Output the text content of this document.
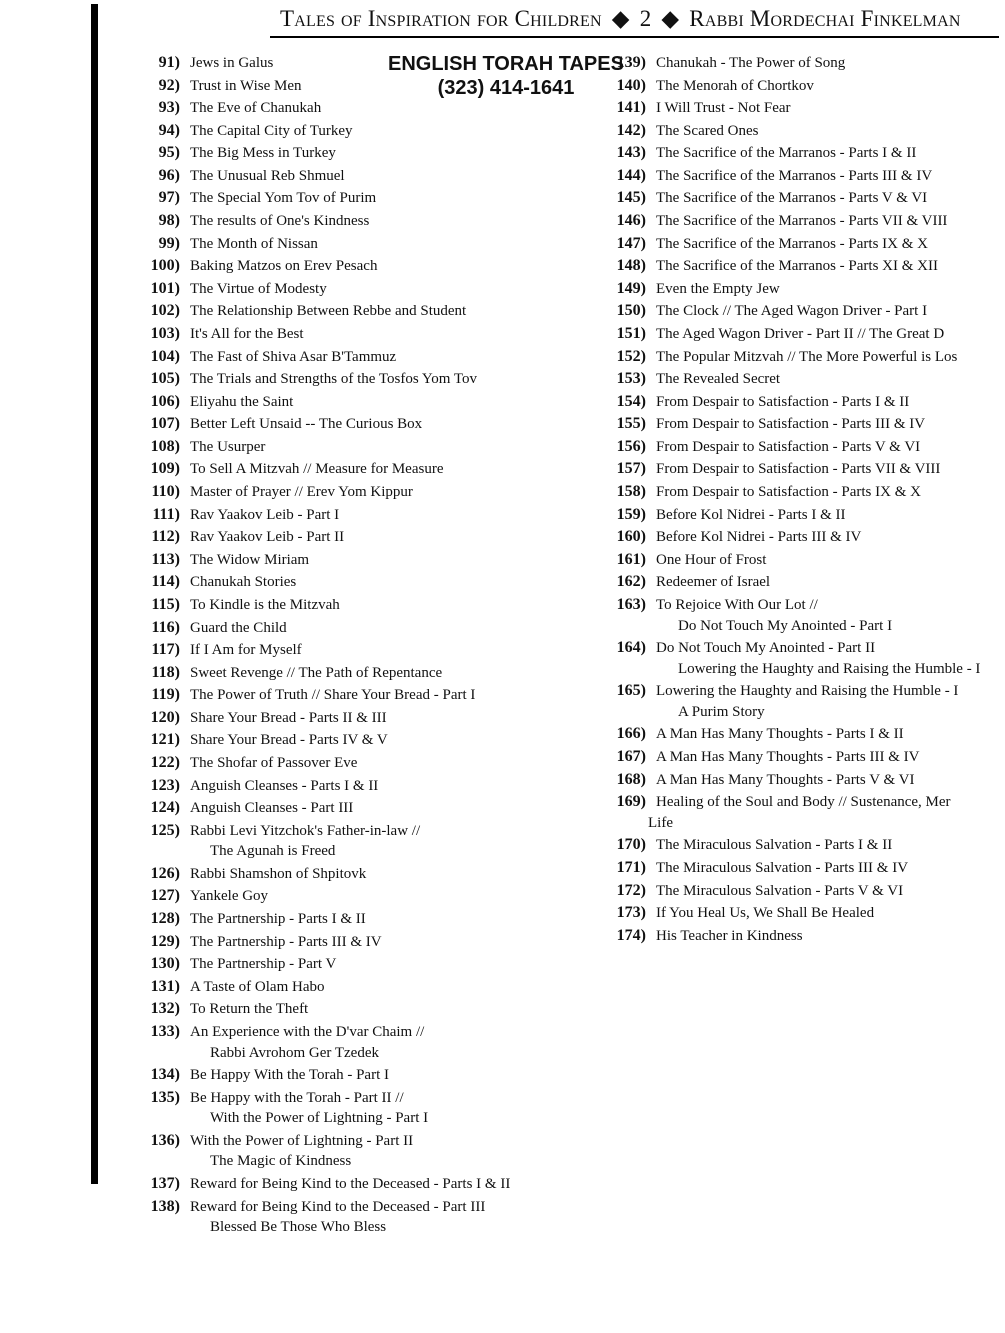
Tales of Inspiration for Children ◆ 2 ◆ Rabbi Mordechai Finkelman
ENGLISH TORAH TAPES
(323) 414-1641
91) Jews in Galus
92) Trust in Wise Men
93) The Eve of Chanukah
94) The Capital City of Turkey
95) The Big Mess in Turkey
96) The Unusual Reb Shmuel
97) The Special Yom Tov of Purim
98) The results of One's Kindness
99) The Month of Nissan
100) Baking Matzos on Erev Pesach
101) The Virtue of Modesty
102) The Relationship Between Rebbe and Student
103) It's All for the Best
104) The Fast of Shiva Asar B'Tammuz
105) The Trials and Strengths of the Tosfos Yom Tov
106) Eliyahu the Saint
107) Better Left Unsaid -- The Curious Box
108) The Usurper
109) To Sell A Mitzvah // Measure for Measure
110) Master of Prayer // Erev Yom Kippur
111) Rav Yaakov Leib - Part I
112) Rav Yaakov Leib - Part II
113) The Widow Miriam
114) Chanukah Stories
115) To Kindle is the Mitzvah
116) Guard the Child
117) If I Am for Myself
118) Sweet Revenge // The Path of Repentance
119) The Power of Truth // Share Your Bread - Part I
120) Share Your Bread - Parts II & III
121) Share Your Bread - Parts IV & V
122) The Shofar of Passover Eve
123) Anguish Cleanses - Parts I & II
124) Anguish Cleanses - Part III
125) Rabbi Levi Yitzchok's Father-in-law //
The Agunah is Freed
126) Rabbi Shamshon of Shpitovk
127) Yankele Goy
128) The Partnership - Parts I & II
129) The Partnership - Parts III & IV
130) The Partnership - Part V
131) A Taste of Olam Habo
132) To Return the Theft
133) An Experience with the D'var Chaim //
Rabbi Avrohom Ger Tzedek
134) Be Happy With the Torah - Part I
135) Be Happy with the Torah - Part II //
With the Power of Lightning - Part I
136) With the Power of Lightning - Part II
The Magic of Kindness
137) Reward for Being Kind to the Deceased - Parts I & II
138) Reward for Being Kind to the Deceased - Part III
Blessed Be Those Who Bless
139) Chanukah - The Power of Song
140) The Menorah of Chortkov
141) I Will Trust - Not Fear
142) The Scared Ones
143) The Sacrifice of the Marranos - Parts I & II
144) The Sacrifice of the Marranos - Parts III & IV
145) The Sacrifice of the Marranos - Parts V & VI
146) The Sacrifice of the Marranos - Parts VII & VIII
147) The Sacrifice of the Marranos - Parts IX & X
148) The Sacrifice of the Marranos - Parts XI & XII
149) Even the Empty Jew
150) The Clock // The Aged Wagon Driver - Part I
151) The Aged Wagon Driver - Part II // The Great D
152) The Popular Mitzvah // The More Powerful is Los
153) The Revealed Secret
154) From Despair to Satisfaction - Parts I & II
155) From Despair to Satisfaction - Parts III & IV
156) From Despair to Satisfaction - Parts V & VI
157) From Despair to Satisfaction - Parts VII & VIII
158) From Despair to Satisfaction - Parts IX & X
159) Before Kol Nidrei - Parts I & II
160) Before Kol Nidrei - Parts III & IV
161) One Hour of Frost
162) Redeemer of Israel
163) To Rejoice With Our Lot //
Do Not Touch My Anointed - Part I
164) Do Not Touch My Anointed - Part II
Lowering the Haughty and Raising the Humble - I
165) Lowering the Haughty and Raising the Humble - I
A Purim Story
166) A Man Has Many Thoughts - Parts I & II
167) A Man Has Many Thoughts - Parts III & IV
168) A Man Has Many Thoughts - Parts V & VI
169) Healing of the Soul and Body // Sustenance, Mer
Life
170) The Miraculous Salvation - Parts I & II
171) The Miraculous Salvation - Parts III & IV
172) The Miraculous Salvation - Parts V & VI
173) If You Heal Us, We Shall Be Healed
174) His Teacher in Kindness
